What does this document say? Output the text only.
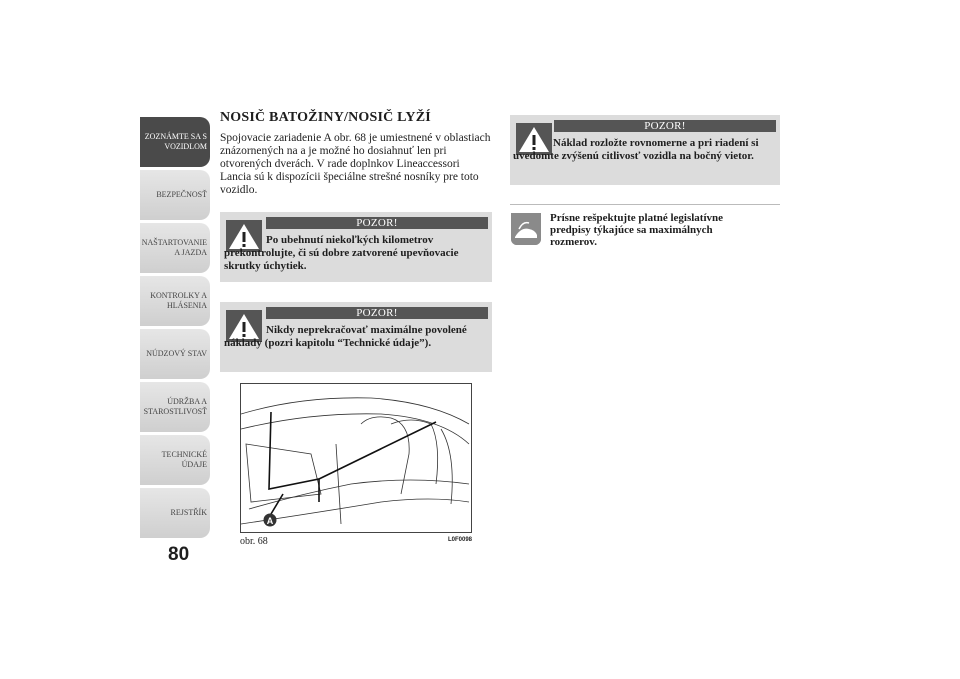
ZOZNÁMTE SA S
VOZIDLOM
BEZPEČNOSŤ
NAŠTARTOVANIE
A JAZDA
KONTROLKY A
HLÁSENIA
NÚDZOVÝ STAV
ÚDRŽBA A
STAROSTLIVOSŤ
TECHNICKÉ
ÚDAJE
REJSTŘÍK
80
NOSIČ BATOŽINY/NOSIČ LYŽÍ

Spojovacie zariadenie A obr. 68 je umiestnené v oblastiach znázornených na a je možné ho dosiahnuť len pri otvorených dverách. V rade doplnkov Lineaccessori Lancia sú k dispozícii špeciálne strešné nosníky pre toto vozidlo.

POZOR!
Po ubehnutí niekoľkých kilometrov prekontrolujte, či sú dobre zatvorené upevňovacie skrutky úchytiek.
POZOR!
Nikdy neprekračovať maximálne povolené náklady (pozri kapitolu “Technické údaje”).
A
obr. 68	L0F0098
POZOR!
Náklad rozložte rovnomerne a pri riadení si uvedomte zvýšenú citlivosť vozidla na bočný vietor.
Prísne rešpektujte platné legislatívne predpisy týkajúce sa maximálnych rozmerov.
